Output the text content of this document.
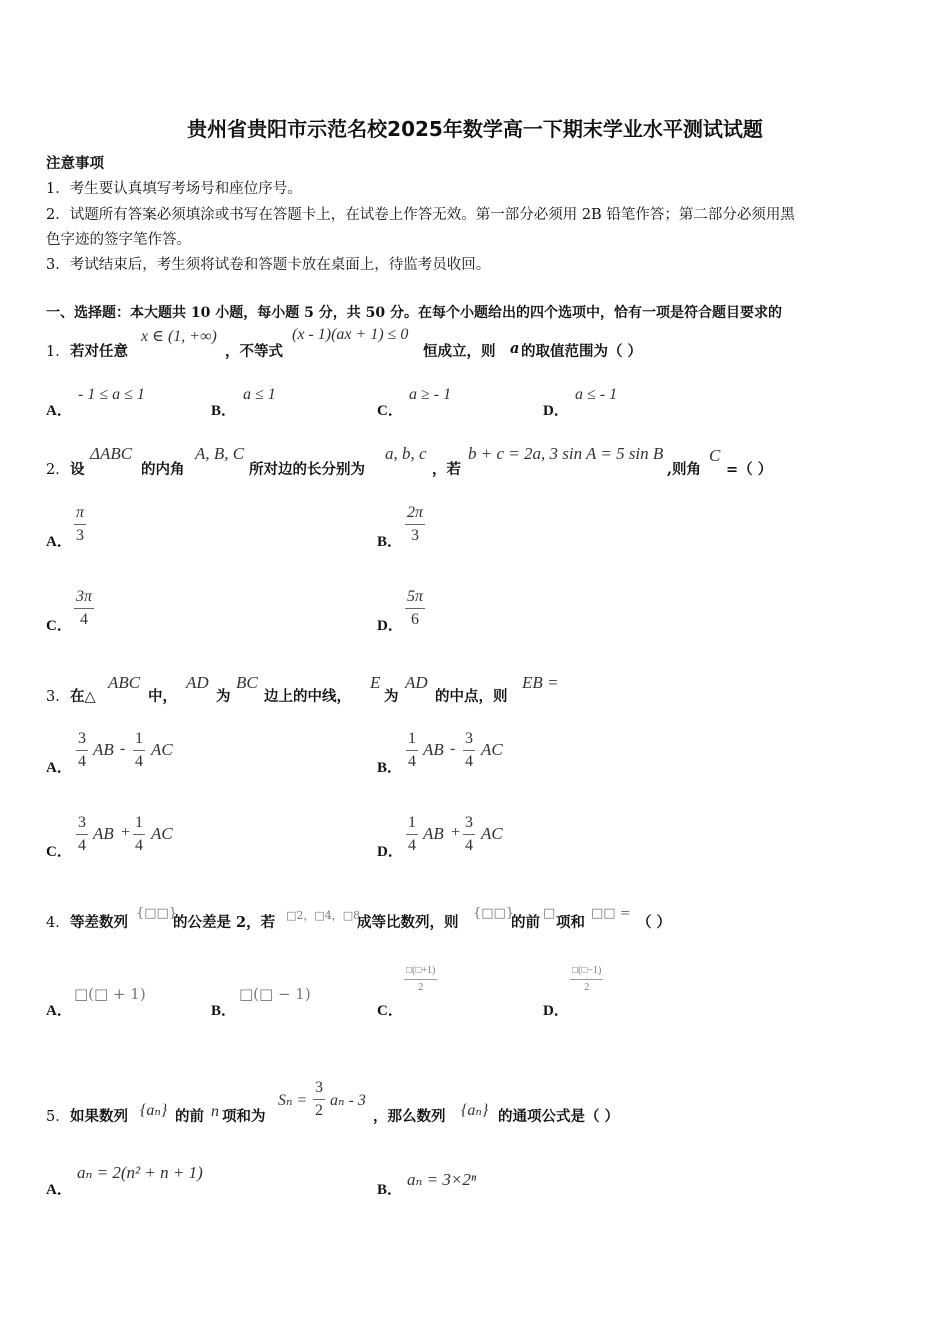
贵州省贵阳市示范名校2025年数学高一下期末学业水平测试试题
注意事项
1．考生要认真填写考场号和座位序号。
2．试题所有答案必须填涂或书写在答题卡上，在试卷上作答无效。第一部分必须用 2B 铅笔作答；第二部分必须用黑
色字迹的签字笔作答。
3．考试结束后，考生须将试卷和答题卡放在桌面上，待监考员收回。
一、选择题：本大题共 10 小题，每小题 5 分，共 50 分。在每个小题给出的四个选项中，恰有一项是符合题目要求的
1． 若对任意
x ∈ (1, +∞)
，不等式
(x - 1)(ax + 1) ≤ 0
恒成立，则 a 的取值范围为（ ）
A．
- 1 ≤ a ≤ 1
B．
a ≤ 1
C．
a ≥ - 1
D．
a ≤ - 1
2． 设
ΔABC
的内角
A, B, C
所对边的长分别为
a, b, c
，若
b + c = 2a, 3 sin A = 5 sin B
,则角
C
=（ ）
A． $\frac{\pi}{3}$	B． $\frac{2\pi}{3}$
C． $\frac{3\pi}{4}$	D． $\frac{5\pi}{6}$
3． 在△
ABC
中，
AD
为
BC
边上的中线，
E
为
AD
的中点，则
EB =
A． $\frac{3}{4}$ AB - $\frac{1}{4}$ AC
B． $\frac{1}{4}$ AB - $\frac{3}{4}$ AC
C． $\frac{3}{4}$ AB + $\frac{1}{4}$ AC
D． $\frac{1}{4}$ AB + $\frac{3}{4}$ AC
4． 等差数列
{□□}
的公差是 2，若 □2，□4，□8
成等比数列，则
{□□}
的前
□
项和
□□ =
（ ）
A．
□(□ + 1)
B．
□(□ − 1)
C．
$\frac{□(□+1)}{2}$
D．
$\frac{□(□-1)}{2}$
5． 如果数列 {aₙ} 的前 n 项和为
$S_n = \frac{3}{2}$ aₙ - 3
，那么数列 {aₙ} 的通项公式是（ ）
A．
aₙ = 2(n² + n + 1)
B．
aₙ = 3×2ⁿ
